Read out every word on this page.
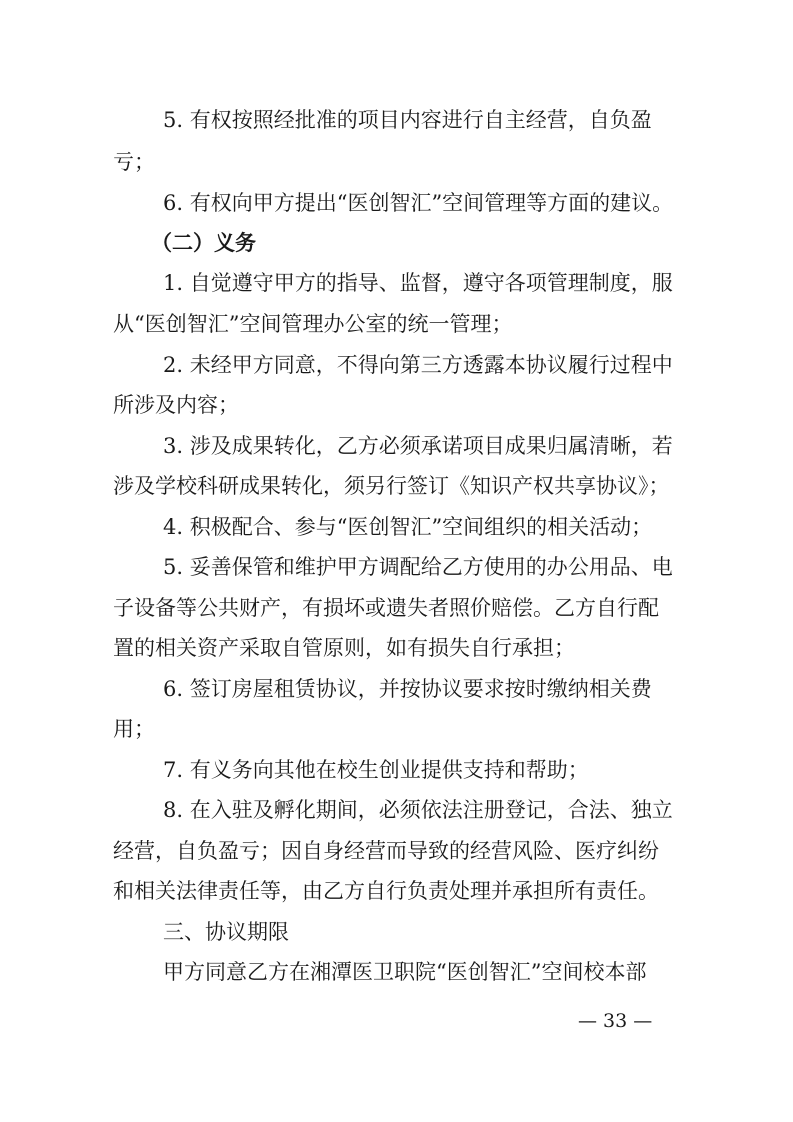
5. 有权按照经批准的项目内容进行自主经营，自负盈
亏；
6. 有权向甲方提出“医创智汇”空间管理等方面的建议。
（二）义务
1. 自觉遵守甲方的指导、监督，遵守各项管理制度，服
从“医创智汇”空间管理办公室的统一管理；
2. 未经甲方同意，不得向第三方透露本协议履行过程中
所涉及内容；
3. 涉及成果转化，乙方必须承诺项目成果归属清晰，若
涉及学校科研成果转化，须另行签订《知识产权共享协议》；
4. 积极配合、参与“医创智汇”空间组织的相关活动；
5. 妥善保管和维护甲方调配给乙方使用的办公用品、电
子设备等公共财产，有损坏或遗失者照价赔偿。乙方自行配
置的相关资产采取自管原则，如有损失自行承担；
6. 签订房屋租赁协议，并按协议要求按时缴纳相关费
用；
7. 有义务向其他在校生创业提供支持和帮助；
8. 在入驻及孵化期间，必须依法注册登记，合法、独立
经营，自负盈亏；因自身经营而导致的经营风险、医疗纠纷
和相关法律责任等，由乙方自行负责处理并承担所有责任。
三、协议期限
甲方同意乙方在湘潭医卫职院“医创智汇”空间校本部
— 33 —
